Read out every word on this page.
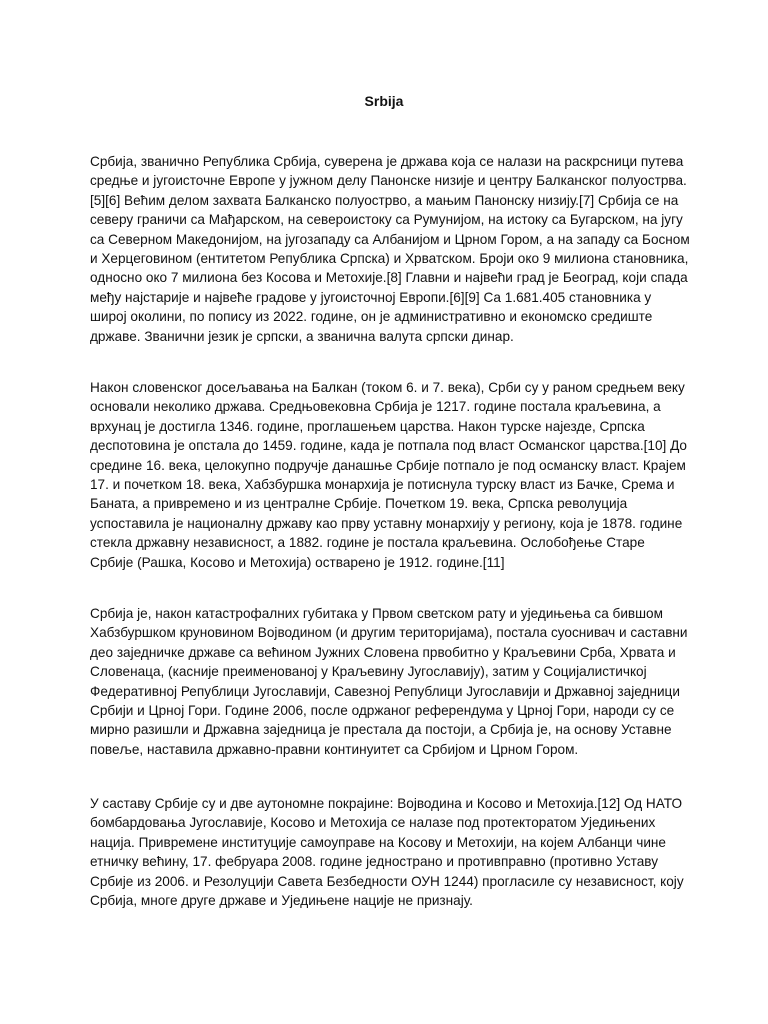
Srbija

Србија, званично Република Србија, суверена је држава која се налази на раскрсници путева средње и југоисточне Европе у јужном делу Панонске низије и центру Балканског полуострва.[5][6] Већим делом захвата Балканско полуострво, а мањим Панонску низију.[7] Србија се на северу граничи са Мађарском, на североистоку са Румунијом, на истоку са Бугарском, на југу са Северном Македонијом, на југозападу са Албанијом и Црном Гором, а на западу са Босном и Херцеговином (ентитетом Република Српска) и Хрватском. Броји око 9 милиона становника, односно око 7 милиона без Косова и Метохије.[8] Главни и највећи град је Београд, који спада међу најстарије и највеће градове у југоисточној Европи.[6][9] Са 1.681.405 становника у широј околини, по попису из 2022. године, он је административно и економско средиште државе. Званични језик је српски, а званична валута српски динар.

Након словенског досељавања на Балкан (током 6. и 7. века), Срби су у раном средњем веку основали неколико држава. Средњовековна Србија је 1217. године постала краљевина, а врхунац је достигла 1346. године, проглашењем царства. Након турске најезде, Српска деспотовина је опстала до 1459. године, када је потпала под власт Османског царства.[10] До средине 16. века, целокупно подручје данашње Србије потпало је под османску власт. Крајем 17. и почетком 18. века, Хабзбуршка монархија је потиснула турску власт из Бачке, Срема и Баната, а привремено и из централне Србије. Почетком 19. века, Српска револуција успоставила је националну државу као прву уставну монархију у региону, која је 1878. године стекла државну независност, а 1882. године је постала краљевина. Ослобођење Старе Србије (Рашка, Косово и Метохија) остварено је 1912. године.[11]

Србија је, након катастрофалних губитака у Првом светском рату и уједињења са бившом Хабзбуршком круновином Војводином (и другим територијама), постала суоснивач и саставни део заједничке државе са већином Јужних Словена првобитно у Краљевини Срба, Хрвата и Словенаца, (касније преименованој у Краљевину Југославију), затим у Социјалистичкој Федеративној Републици Југославији, Савезној Републици Југославији и Државној заједници Србији и Црној Гори. Године 2006, после одржаног референдума у Црној Гори, народи су се мирно разишли и Државна заједница је престала да постоји, а Србија је, на основу Уставне повеље, наставила државно-правни континуитет са Србијом и Црном Гором.

У саставу Србије су и две аутономне покрајине: Војводина и Косово и Метохија.[12] Од НАТО бомбардовања Југославије, Косово и Метохија се налазе под протекторатом Уједињених нација. Привремене институције самоуправе на Косову и Метохији, на којем Албанци чине етничку већину, 17. фебруара 2008. године једнострано и противправно (противно Уставу Србије из 2006. и Резолуцији Савета Безбедности ОУН 1244) прогласиле су независност, коју Србија, многе друге државе и Уједињене нације не признају.
